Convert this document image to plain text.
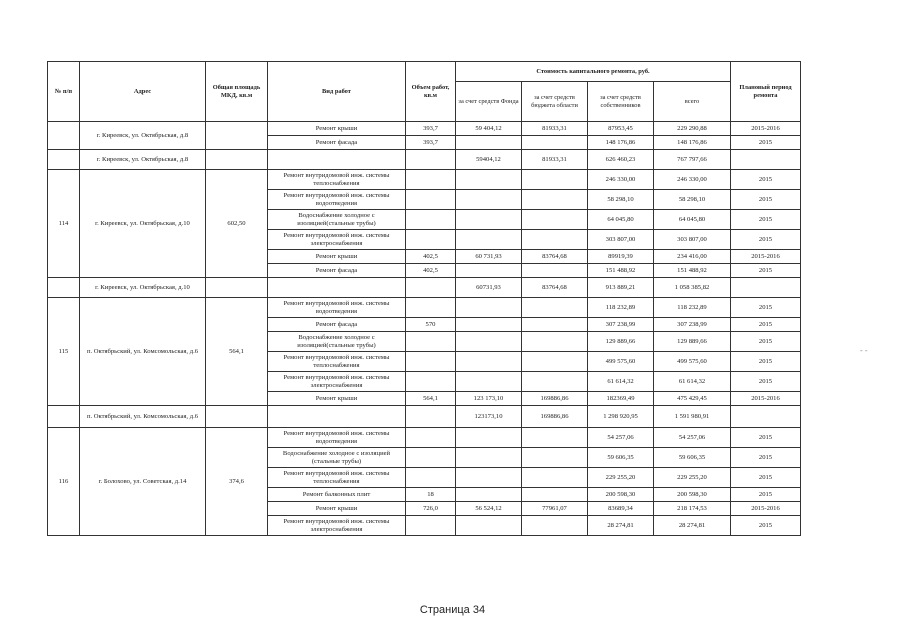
№ п/п	Адрес	Общая площадь МКД, кв.м	Вид работ	Объем работ, кв.м	Стоимость капитального ремонта, руб.				Плановый период ремонта
					за счет средств Фонда	за счет средств бюджета области	за счет средств собственников	всего	
	г. Киреевск, ул. Октябрьская, д.8		Ремонт крыши	393,7	59 404,12	81933,31	87953,45	229 290,88	2015-2016
			Ремонт фасада	393,7			148 176,86	148 176,86	2015
	г. Киреевск, ул. Октябрьская, д.8				59404,12	81933,31	626 460,23	767 797,66	
114	г. Киреевск, ул. Октябрьская, д.10	602,50	Ремонт внутридомовой инж. системы теплоснабжения				246 330,00	246 330,00	2015
			Ремонт внутридомовой инж. системы водоотведения				58 298,10	58 298,10	2015
			Водоснабжение холодное с изоляцией(стальные трубы)				64 045,80	64 045,80	2015
			Ремонт внутридомовой инж. системы электроснабжения				303 807,00	303 807,00	2015
			Ремонт крыши	402,5	60 731,93	83764,68	89919,39	234 416,00	2015-2016
			Ремонт фасада	402,5			151 488,92	151 488,92	2015
	г. Киреевск, ул. Октябрьская, д.10				60731,93	83764,68	913 889,21	1 058 385,82	
115	п. Октябрьский, ул. Комсомольская, д.6	564,1	Ремонт внутридомовой инж. системы водоотведения				118 232,89	118 232,89	2015
			Ремонт фасада	570			307 238,99	307 238,99	2015
			Водоснабжение холодное с изоляцией(стальные трубы)				129 889,66	129 889,66	2015
			Ремонт внутридомовой инж. системы теплоснабжения				499 575,60	499 575,60	2015
			Ремонт внутридомовой инж. системы электроснабжения				61 614,32	61 614,32	2015
			Ремонт крыши	564,1	123 173,10	169886,86	182369,49	475 429,45	2015-2016
	п. Октябрьский, ул. Комсомольская, д.6				123173,10	169886,86	1 298 920,95	1 591 980,91	
116	г. Болохово, ул. Советская, д.14	374,6	Ремонт внутридомовой инж. системы водоотведения				54 257,06	54 257,06	2015
			Водоснабжение холодное с изоляцией (стальные трубы)				59 606,35	59 606,35	2015
			Ремонт внутридомовой инж. системы теплоснабжения				229 255,20	229 255,20	2015
			Ремонт балконных плит	18			200 598,30	200 598,30	2015
			Ремонт крыши	726,0	56 524,12	77961,07	83689,34	218 174,53	2015-2016
			Ремонт внутридомовой инж. системы электроснабжения				28 274,81	28 274,81	2015
- -
Страница 34
